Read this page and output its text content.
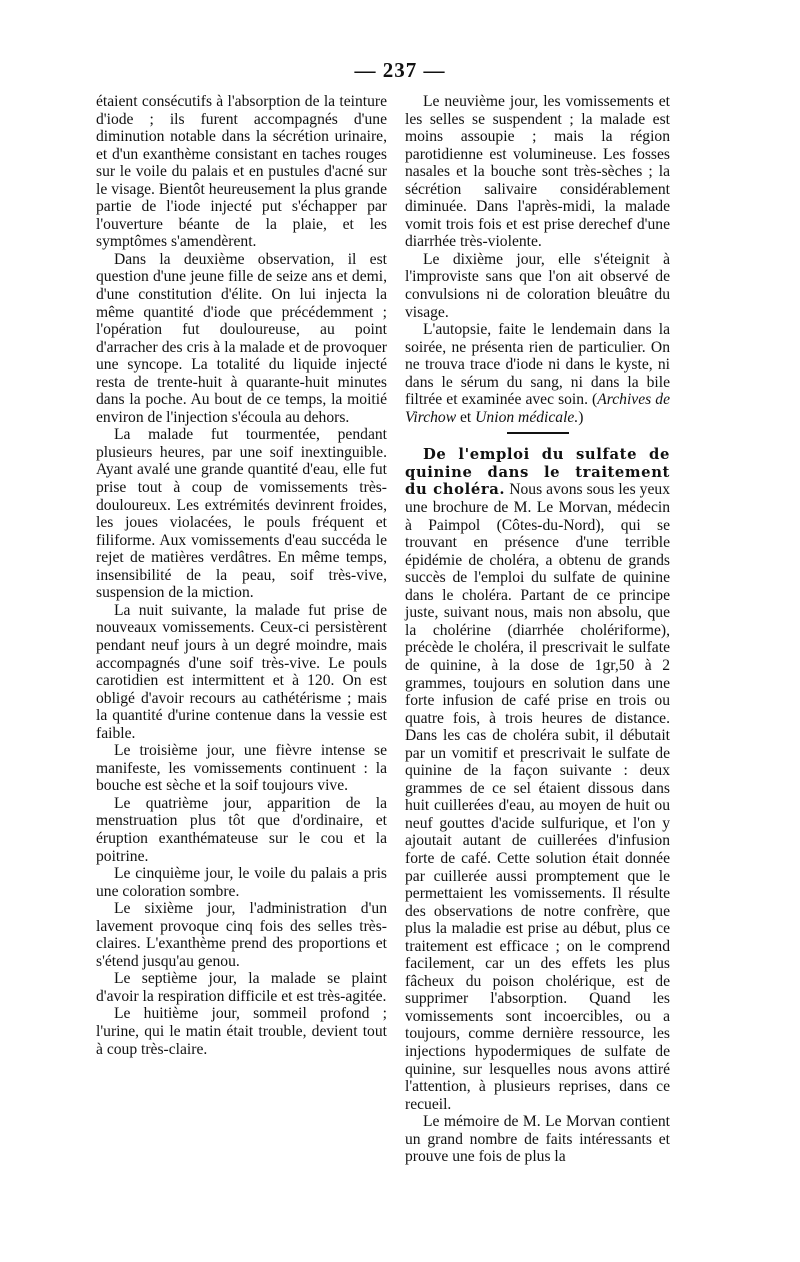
— 237 —

étaient consécutifs à l'absorption de la teinture d'iode ; ils furent accompagnés d'une diminution notable dans la sécrétion urinaire, et d'un exanthème consistant en taches rouges sur le voile du palais et en pustules d'acné sur le visage. Bientôt heureusement la plus grande partie de l'iode injecté put s'échapper par l'ouverture béante de la plaie, et les symptômes s'amendèrent.

Dans la deuxième observation, il est question d'une jeune fille de seize ans et demi, d'une constitution d'élite. On lui injecta la même quantité d'iode que précédemment ; l'opération fut douloureuse, au point d'arracher des cris à la malade et de provoquer une syncope. La totalité du liquide injecté resta de trente-huit à quarante-huit minutes dans la poche. Au bout de ce temps, la moitié environ de l'injection s'écoula au dehors.

La malade fut tourmentée, pendant plusieurs heures, par une soif inextinguible. Ayant avalé une grande quantité d'eau, elle fut prise tout à coup de vomissements très-douloureux. Les extrémités devinrent froides, les joues violacées, le pouls fréquent et filiforme. Aux vomissements d'eau succéda le rejet de matières verdâtres. En même temps, insensibilité de la peau, soif très-vive, suspension de la miction.

La nuit suivante, la malade fut prise de nouveaux vomissements. Ceux-ci persistèrent pendant neuf jours à un degré moindre, mais accompagnés d'une soif très-vive. Le pouls carotidien est intermittent et à 120. On est obligé d'avoir recours au cathétérisme ; mais la quantité d'urine contenue dans la vessie est faible.

Le troisième jour, une fièvre intense se manifeste, les vomissements continuent : la bouche est sèche et la soif toujours vive.

Le quatrième jour, apparition de la menstruation plus tôt que d'ordinaire, et éruption exanthémateuse sur le cou et la poitrine.

Le cinquième jour, le voile du palais a pris une coloration sombre.

Le sixième jour, l'administration d'un lavement provoque cinq fois des selles très-claires. L'exanthème prend des proportions et s'étend jusqu'au genou.

Le septième jour, la malade se plaint d'avoir la respiration difficile et est très-agitée.

Le huitième jour, sommeil profond ; l'urine, qui le matin était trouble, devient tout à coup très-claire.

Le neuvième jour, les vomissements et les selles se suspendent ; la malade est moins assoupie ; mais la région parotidienne est volumineuse. Les fosses nasales et la bouche sont très-sèches ; la sécrétion salivaire considérablement diminuée. Dans l'après-midi, la malade vomit trois fois et est prise derechef d'une diarrhée très-violente.

Le dixième jour, elle s'éteignit à l'improviste sans que l'on ait observé de convulsions ni de coloration bleuâtre du visage.

L'autopsie, faite le lendemain dans la soirée, ne présenta rien de particulier. On ne trouva trace d'iode ni dans le kyste, ni dans le sérum du sang, ni dans la bile filtrée et examinée avec soin. (Archives de Virchow et Union médicale.)

De l'emploi du sulfate de quinine dans le traitement du choléra. Nous avons sous les yeux une brochure de M. Le Morvan, médecin à Paimpol (Côtes-du-Nord), qui se trouvant en présence d'une terrible épidémie de choléra, a obtenu de grands succès de l'emploi du sulfate de quinine dans le choléra. Partant de ce principe juste, suivant nous, mais non absolu, que la cholérine (diarrhée cholériforme), précède le choléra, il prescrivait le sulfate de quinine, à la dose de 1gr,50 à 2 grammes, toujours en solution dans une forte infusion de café prise en trois ou quatre fois, à trois heures de distance. Dans les cas de choléra subit, il débutait par un vomitif et prescrivait le sulfate de quinine de la façon suivante : deux grammes de ce sel étaient dissous dans huit cuillerées d'eau, au moyen de huit ou neuf gouttes d'acide sulfurique, et l'on y ajoutait autant de cuillerées d'infusion forte de café. Cette solution était donnée par cuillerée aussi promptement que le permettaient les vomissements. Il résulte des observations de notre confrère, que plus la maladie est prise au début, plus ce traitement est efficace ; on le comprend facilement, car un des effets les plus fâcheux du poison cholérique, est de supprimer l'absorption. Quand les vomissements sont incoercibles, ou a toujours, comme dernière ressource, les injections hypodermiques de sulfate de quinine, sur lesquelles nous avons attiré l'attention, à plusieurs reprises, dans ce recueil.

Le mémoire de M. Le Morvan contient un grand nombre de faits intéressants et prouve une fois de plus la
